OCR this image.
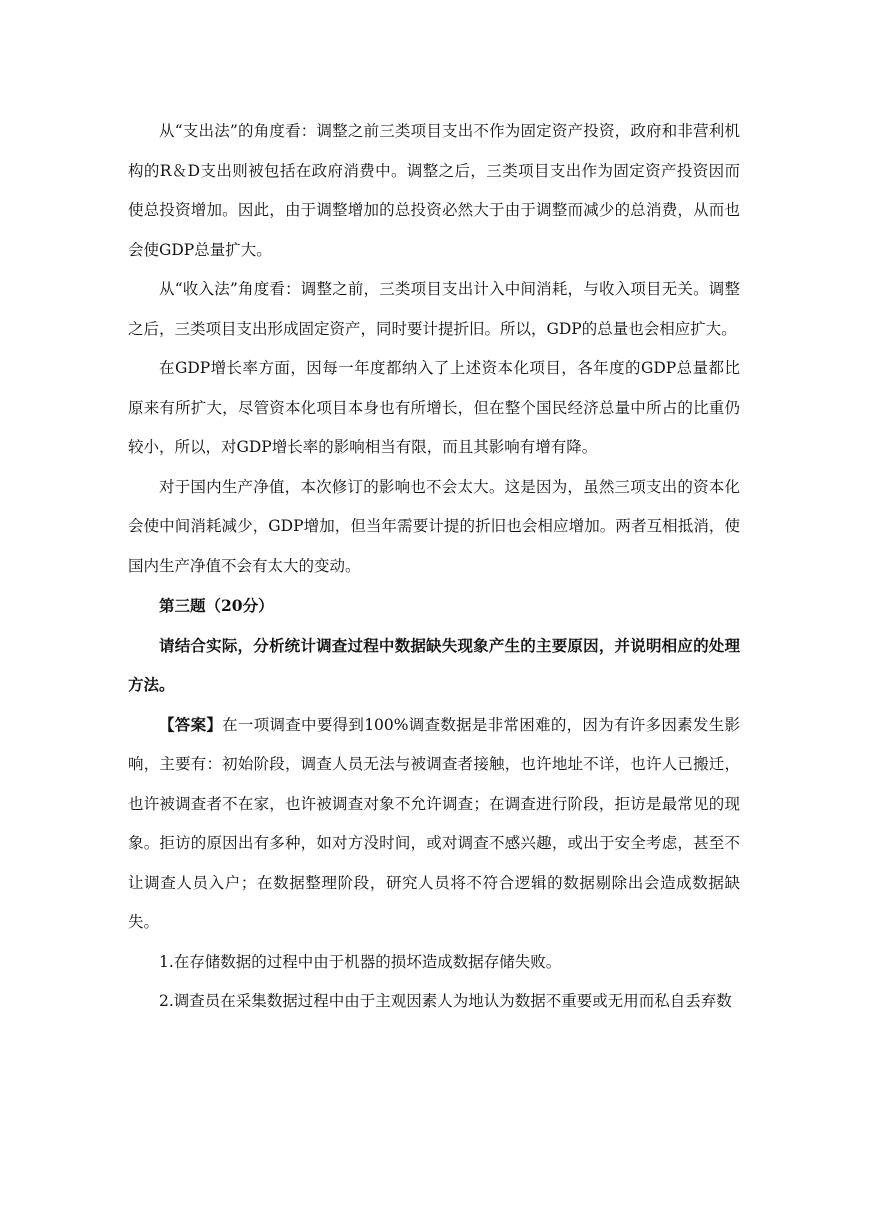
从“支出法”的角度看：调整之前三类项目支出不作为固定资产投资，政府和非营利机构的R＆D支出则被包括在政府消费中。调整之后，三类项目支出作为固定资产投资因而使总投资增加。因此，由于调整增加的总投资必然大于由于调整而减少的总消费，从而也会使GDP总量扩大。

从“收入法”角度看：调整之前，三类项目支出计入中间消耗，与收入项目无关。调整之后，三类项目支出形成固定资产，同时要计提折旧。所以，GDP的总量也会相应扩大。

在GDP增长率方面，因每一年度都纳入了上述资本化项目，各年度的GDP总量都比原来有所扩大，尽管资本化项目本身也有所增长，但在整个国民经济总量中所占的比重仍较小，所以，对GDP增长率的影响相当有限，而且其影响有增有降。

对于国内生产净值，本次修订的影响也不会太大。这是因为，虽然三项支出的资本化会使中间消耗减少，GDP增加，但当年需要计提的折旧也会相应增加。两者互相抵消，使国内生产净值不会有太大的变动。

第三题（20分）

请结合实际，分析统计调查过程中数据缺失现象产生的主要原因，并说明相应的处理方法。

【答案】在一项调查中要得到100%调查数据是非常困难的，因为有许多因素发生影响，主要有：初始阶段，调查人员无法与被调查者接触，也许地址不详，也许人已搬迁，也许被调查者不在家，也许被调查对象不允许调查；在调查进行阶段，拒访是最常见的现象。拒访的原因出有多种，如对方没时间，或对调查不感兴趣，或出于安全考虑，甚至不让调查人员入户；在数据整理阶段，研究人员将不符合逻辑的数据剔除出会造成数据缺失。

1.在存储数据的过程中由于机器的损坏造成数据存储失败。

2.调查员在采集数据过程中由于主观因素人为地认为数据不重要或无用而私自丢弃数
